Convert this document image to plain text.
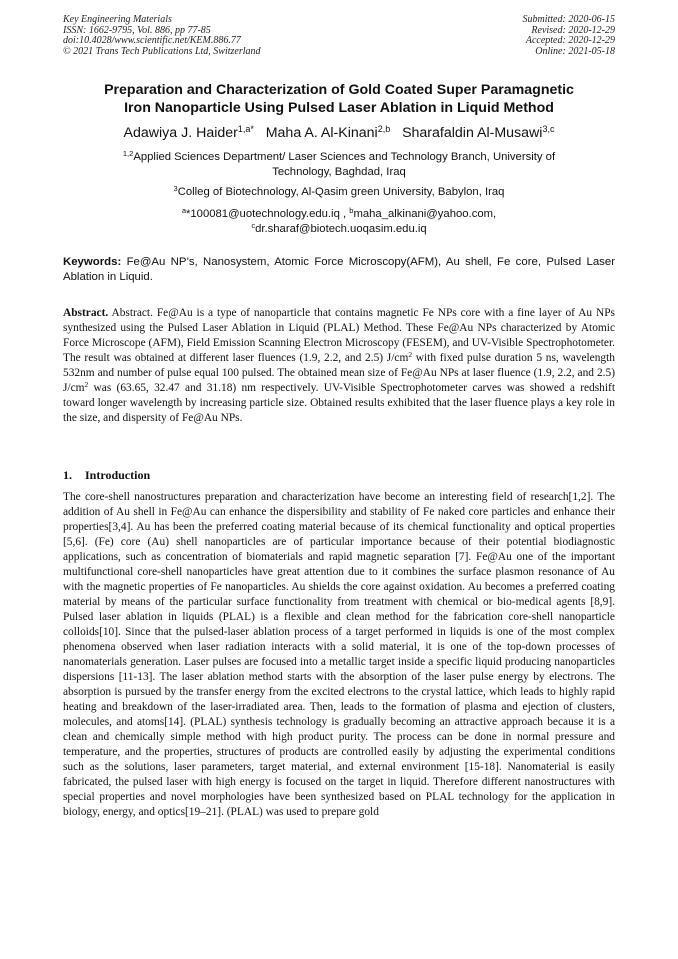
Key Engineering Materials
ISSN: 1662-9795, Vol. 886, pp 77-85
doi:10.4028/www.scientific.net/KEM.886.77
© 2021 Trans Tech Publications Ltd, Switzerland
Submitted: 2020-06-15
Revised: 2020-12-29
Accepted: 2020-12-29
Online: 2021-05-18
Preparation and Characterization of Gold Coated Super Paramagnetic
Iron Nanoparticle Using Pulsed Laser Ablation in Liquid Method
Adawiya J. Haider$^{1,a*}$ Maha A. Al-Kinani$^{2,b}$ Sharafaldin Al-Musawi$^{3,c}$
$^{1,2}$Applied Sciences Department/ Laser Sciences and Technology Branch, University of
Technology, Baghdad, Iraq
$^3$Colleg of Biotechnology, Al-Qasim green University, Babylon, Iraq
$^a$*100081@uotechnology.edu.iq , $^b$maha_alkinani@yahoo.com,
$^c$dr.sharaf@biotech.uoqasim.edu.iq
Keywords: Fe@Au NP’s, Nanosystem, Atomic Force Microscopy(AFM), Au shell, Fe core, Pulsed Laser Ablation in Liquid.
Abstract. Abstract. Fe@Au is a type of nanoparticle that contains magnetic Fe NPs core with a fine layer of Au NPs synthesized using the Pulsed Laser Ablation in Liquid (PLAL) Method. These Fe@Au NPs characterized by Atomic Force Microscope (AFM), Field Emission Scanning Electron Microscopy (FESEM), and UV-Visible Spectrophotometer. The result was obtained at different laser fluences (1.9, 2.2, and 2.5) $J/cm^2$ with fixed pulse duration 5 ns, wavelength 532nm and number of pulse equal 100 pulsed. The obtained mean size of Fe@Au NPs at laser fluence (1.9, 2.2, and 2.5) $J/cm^2$ was (63.65, 32.47 and 31.18) nm respectively. UV-Visible Spectrophotometer carves was showed a redshift toward longer wavelength by increasing particle size. Obtained results exhibited that the laser fluence plays a key role in the size, and dispersity of Fe@Au NPs.
1. Introduction
The core-shell nanostructures preparation and characterization have become an interesting field of research[1,2]. The addition of Au shell in Fe@Au can enhance the dispersibility and stability of Fe naked core particles and enhance their properties[3,4]. Au has been the preferred coating material because of its chemical functionality and optical properties [5,6]. (Fe) core (Au) shell nanoparticles are of particular importance because of their potential biodiagnostic applications, such as concentration of biomaterials and rapid magnetic separation [7]. Fe@Au one of the important multifunctional core-shell nanoparticles have great attention due to it combines the surface plasmon resonance of Au with the magnetic properties of Fe nanoparticles. Au shields the core against oxidation. Au becomes a preferred coating material by means of the particular surface functionality from treatment with chemical or bio-medical agents [8,9]. Pulsed laser ablation in liquids (PLAL) is a flexible and clean method for the fabrication core-shell nanoparticle colloids[10]. Since that the pulsed-laser ablation process of a target performed in liquids is one of the most complex phenomena observed when laser radiation interacts with a solid material, it is one of the top-down processes of nanomaterials generation. Laser pulses are focused into a metallic target inside a specific liquid producing nanoparticles dispersions [11-13]. The laser ablation method starts with the absorption of the laser pulse energy by electrons. The absorption is pursued by the transfer energy from the excited electrons to the crystal lattice, which leads to highly rapid heating and breakdown of the laser-irradiated area. Then, leads to the formation of plasma and ejection of clusters, molecules, and atoms[14]. (PLAL) synthesis technology is gradually becoming an attractive approach because it is a clean and chemically simple method with high product purity. The process can be done in normal pressure and temperature, and the properties, structures of products are controlled easily by adjusting the experimental conditions such as the solutions, laser parameters, target material, and external environment [15-18]. Nanomaterial is easily fabricated, the pulsed laser with high energy is focused on the target in liquid. Therefore different nanostructures with special properties and novel morphologies have been synthesized based on PLAL technology for the application in biology, energy, and optics[19–21]. (PLAL) was used to prepare gold
